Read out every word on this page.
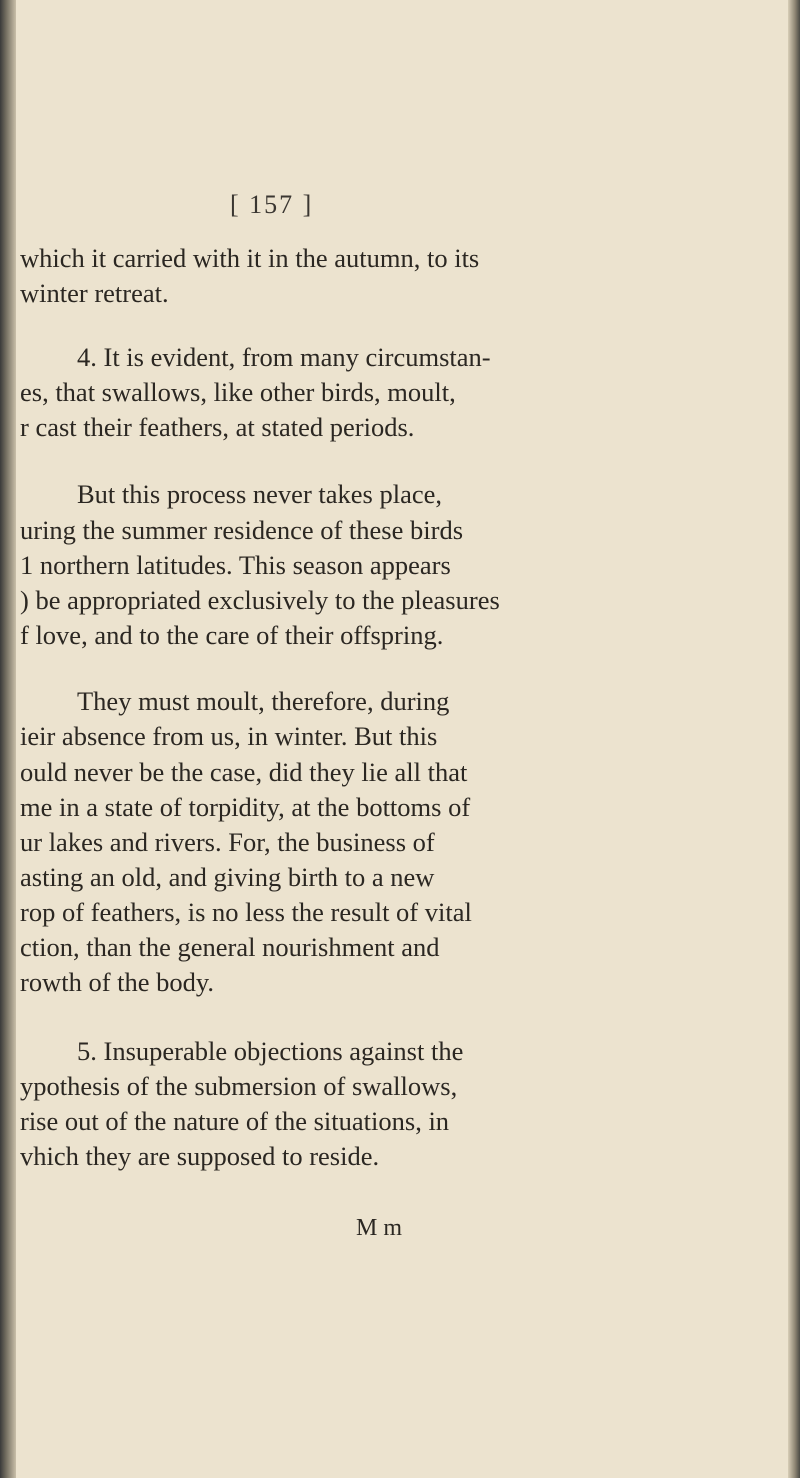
[ 157 ]
which it carried with it in the autumn, to its
winter retreat.
4. It is evident, from many circumstan-
es, that swallows, like other birds, moult,
r cast their feathers, at stated periods.
But this process never takes place,
uring the summer residence of these birds
1 northern latitudes. This season appears
) be appropriated exclusively to the pleasures
f love, and to the care of their offspring.
They must moult, therefore, during
ieir absence from us, in winter. But this
ould never be the case, did they lie all that
me in a state of torpidity, at the bottoms of
ur lakes and rivers. For, the business of
asting an old, and giving birth to a new
rop of feathers, is no less the result of vital
ction, than the general nourishment and
rowth of the body.
5. Insuperable objections against the
ypothesis of the submersion of swallows,
rise out of the nature of the situations, in
vhich they are supposed to reside.
M m
